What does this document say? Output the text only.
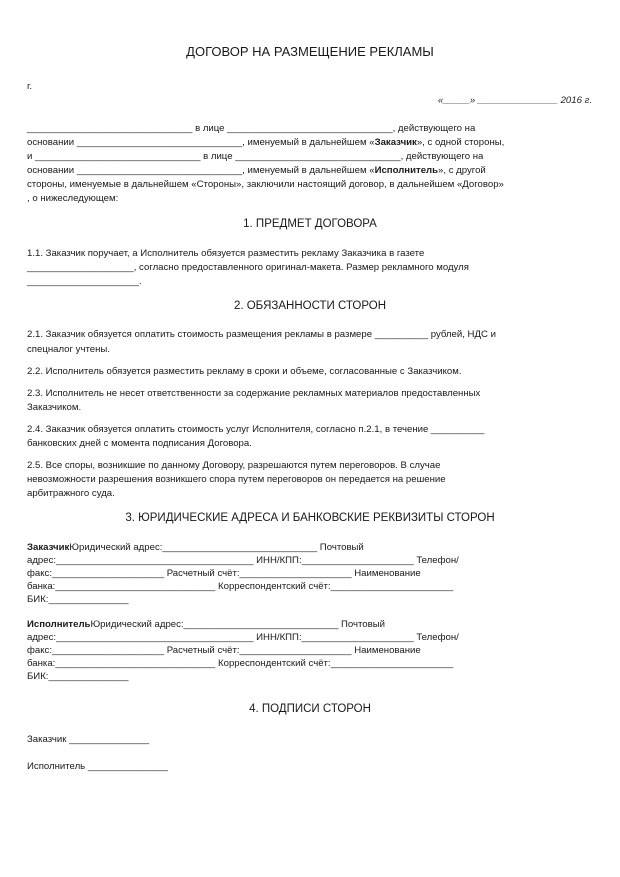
ДОГОВОР НА РАЗМЕЩЕНИЕ РЕКЛАМЫ
г.
«_____» _______________ 2016 г.
_______________________________ в лице _______________________________, действующего на
основании _______________________________, именуемый в дальнейшем «Заказчик», с одной стороны,
и _______________________________ в лице _______________________________, действующего на
основании _______________________________, именуемый в дальнейшем «Исполнитель», с другой
стороны, именуемые в дальнейшем «Стороны», заключили настоящий договор, в дальнейшем «Договор»
, о нижеследующем:
1. ПРЕДМЕТ ДОГОВОРА
1.1. Заказчик поручает, а Исполнитель обязуется разместить рекламу Заказчика в газете
____________________, согласно предоставленного оригинал-макета. Размер рекламного модуля
_____________________.
2. ОБЯЗАННОСТИ СТОРОН
2.1. Заказчик обязуется оплатить стоимость размещения рекламы в размере __________ рублей, НДС и
спецналог учтены.
2.2. Исполнитель обязуется разместить рекламу в сроки и объеме, согласованные с Заказчиком.
2.3. Исполнитель не несет ответственности за содержание рекламных материалов предоставленных
Заказчиком.
2.4. Заказчик обязуется оплатить стоимость услуг Исполнителя, согласно п.2.1, в течение __________
банковских дней с момента подписания Договора.
2.5. Все споры, возникшие по данному Договору, разрешаются путем переговоров. В случае
невозможности разрешения возникшего спора путем переговоров он передается на решение
арбитражного суда.
3. ЮРИДИЧЕСКИЕ АДРЕСА И БАНКОВСКИЕ РЕКВИЗИТЫ СТОРОН
ЗаказчикЮридический адрес:_____________________________ Почтовый
адрес:_____________________________________ ИНН/КПП:_____________________ Телефон/
факс:_____________________ Расчетный счёт:_____________________ Наименование
банка:______________________________ Корреспондентский счёт:_______________________
БИК:_______________
ИсполнительЮридический адрес:_____________________________ Почтовый
адрес:_____________________________________ ИНН/КПП:_____________________ Телефон/
факс:_____________________ Расчетный счёт:_____________________ Наименование
банка:______________________________ Корреспондентский счёт:_______________________
БИК:_______________
4. ПОДПИСИ СТОРОН
Заказчик _______________
Исполнитель _______________
